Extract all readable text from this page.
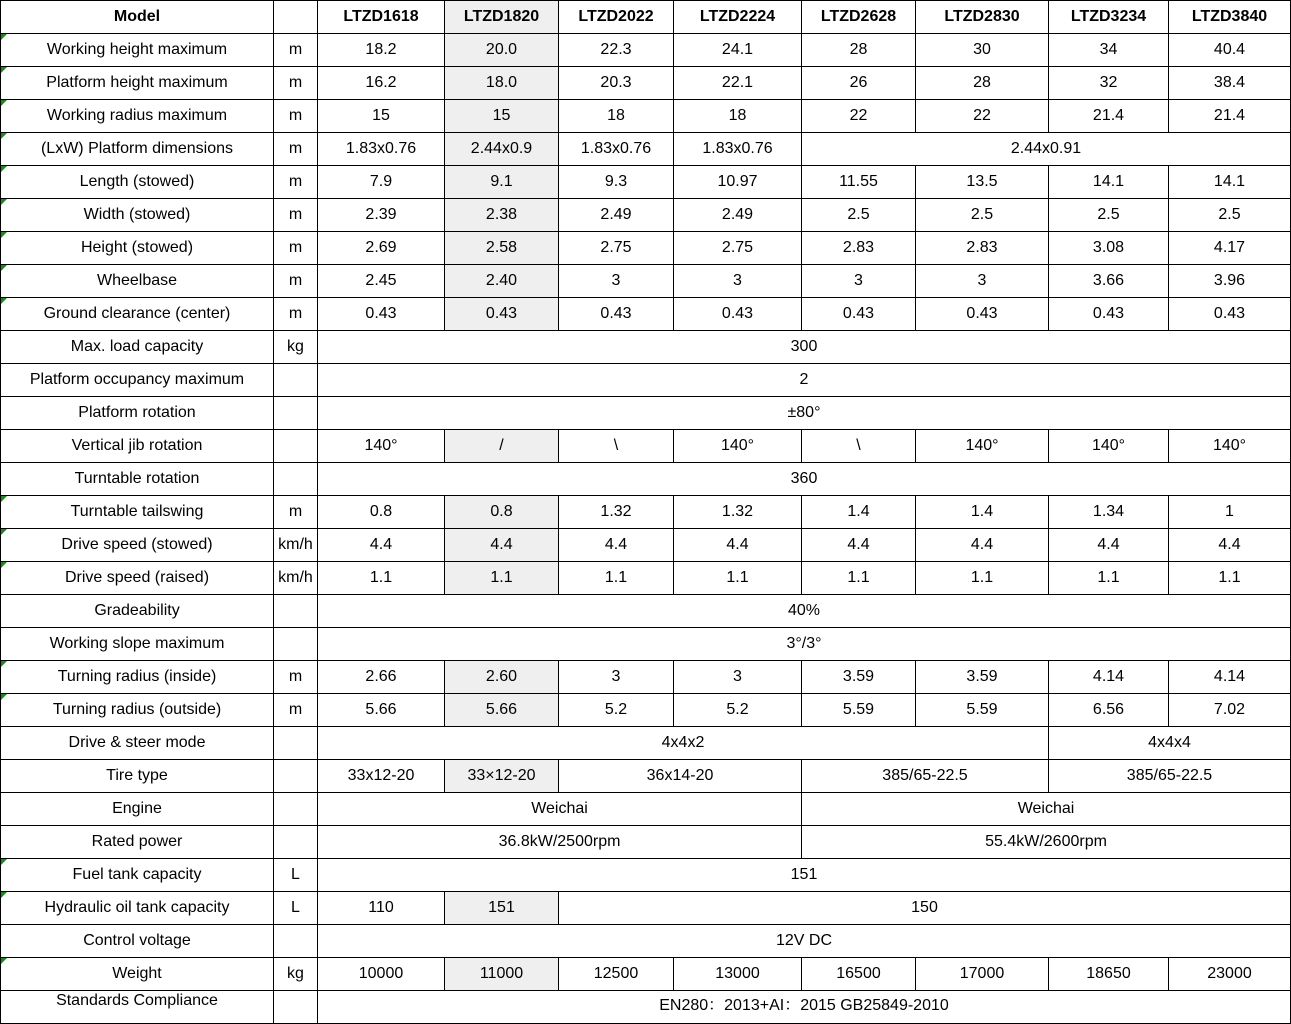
Model		LTZD1618	LTZD1820	LTZD2022	LTZD2224	LTZD2628	LTZD2830	LTZD3234	LTZD3840
Working height maximum	m	18.2	20.0	22.3	24.1	28	30	34	40.4
Platform height maximum	m	16.2	18.0	20.3	22.1	26	28	32	38.4
Working radius maximum	m	15	15	18	18	22	22	21.4	21.4
(LxW) Platform dimensions	m	1.83x0.76	2.44x0.9	1.83x0.76	1.83x0.76	2.44x0.91			
Length (stowed)	m	7.9	9.1	9.3	10.97	11.55	13.5	14.1	14.1
Width (stowed)	m	2.39	2.38	2.49	2.49	2.5	2.5	2.5	2.5
Height (stowed)	m	2.69	2.58	2.75	2.75	2.83	2.83	3.08	4.17
Wheelbase	m	2.45	2.40	3	3	3	3	3.66	3.96
Ground clearance (center)	m	0.43	0.43	0.43	0.43	0.43	0.43	0.43	0.43
Max. load capacity	kg	300							
Platform occupancy maximum		2							
Platform rotation		±80°							
Vertical jib rotation		140°	/	\	140°	\	140°	140°	140°
Turntable rotation		360							
Turntable tailswing	m	0.8	0.8	1.32	1.32	1.4	1.4	1.34	1
Drive speed (stowed)	km/h	4.4	4.4	4.4	4.4	4.4	4.4	4.4	4.4
Drive speed (raised)	km/h	1.1	1.1	1.1	1.1	1.1	1.1	1.1	1.1
Gradeability		40%							
Working slope maximum		3°/3°							
Turning radius (inside)	m	2.66	2.60	3	3	3.59	3.59	4.14	4.14
Turning radius (outside)	m	5.66	5.66	5.2	5.2	5.59	5.59	6.56	7.02
Drive & steer mode		4x4x2						4x4x4	
Tire type		33x12-20	33×12-20	36x14-20		385/65-22.5		385/65-22.5	
Engine		Weichai				Weichai			
Rated power		36.8kW/2500rpm				55.4kW/2600rpm			
Fuel tank capacity	L	151							
Hydraulic oil tank capacity	L	110	151	150					
Control voltage		12V DC							
Weight	kg	10000	11000	12500	13000	16500	17000	18650	23000
Standards Compliance		EN280：2013+AI：2015 GB25849-2010							
